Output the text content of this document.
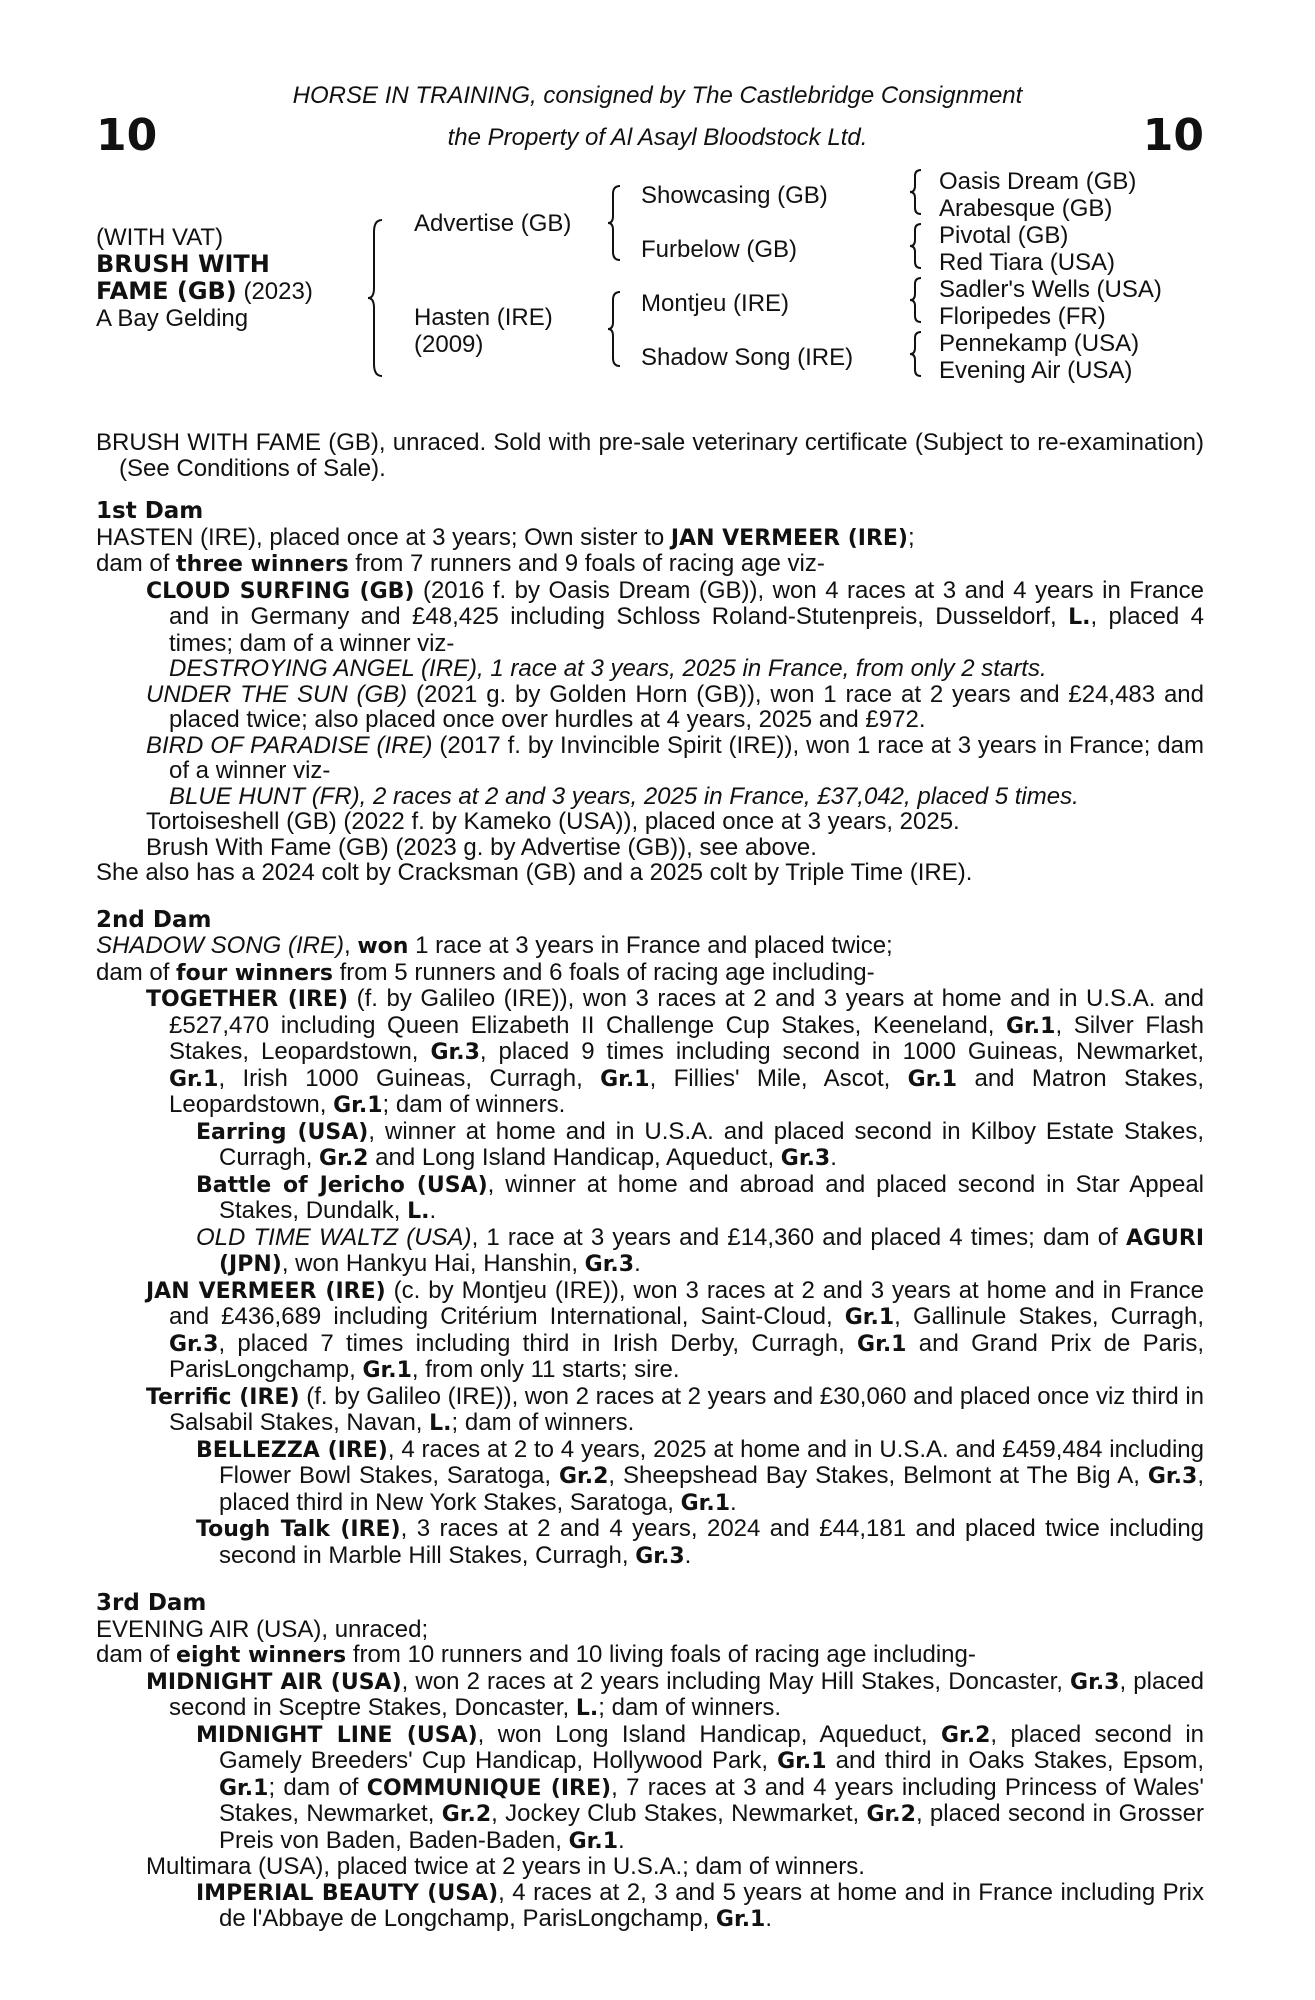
10	10
HORSE IN TRAINING, consigned by The Castlebridge Consignment
the Property of Al Asayl Bloodstock Ltd.
(WITH VAT)
BRUSH WITH
FAME (GB) (2023)
A Bay Gelding
Advertise (GB)
Hasten (IRE)
(2009)
Showcasing (GB)
Furbelow (GB)
Montjeu (IRE)
Shadow Song (IRE)
Oasis Dream (GB)
Arabesque (GB)
Pivotal (GB)
Red Tiara (USA)
Sadler's Wells (USA)
Floripedes (FR)
Pennekamp (USA)
Evening Air (USA)

BRUSH WITH FAME (GB), unraced. Sold with pre-sale veterinary certificate (Subject to re-examination) (See Conditions of Sale).

1st Dam

HASTEN (IRE), placed once at 3 years; Own sister to JAN VERMEER (IRE);

dam of three winners from 7 runners and 9 foals of racing age viz-

CLOUD SURFING (GB) (2016 f. by Oasis Dream (GB)), won 4 races at 3 and 4 years in France and in Germany and £48,425 including Schloss Roland-Stutenpreis, Dusseldorf, L., placed 4 times; dam of a winner viz-

DESTROYING ANGEL (IRE), 1 race at 3 years, 2025 in France, from only 2 starts.

UNDER THE SUN (GB) (2021 g. by Golden Horn (GB)), won 1 race at 2 years and £24,483 and placed twice; also placed once over hurdles at 4 years, 2025 and £972.

BIRD OF PARADISE (IRE) (2017 f. by Invincible Spirit (IRE)), won 1 race at 3 years in France; dam of a winner viz-

BLUE HUNT (FR), 2 races at 2 and 3 years, 2025 in France, £37,042, placed 5 times.

Tortoiseshell (GB) (2022 f. by Kameko (USA)), placed once at 3 years, 2025.

Brush With Fame (GB) (2023 g. by Advertise (GB)), see above.

She also has a 2024 colt by Cracksman (GB) and a 2025 colt by Triple Time (IRE).

2nd Dam

SHADOW SONG (IRE), won 1 race at 3 years in France and placed twice;

dam of four winners from 5 runners and 6 foals of racing age including-

TOGETHER (IRE) (f. by Galileo (IRE)), won 3 races at 2 and 3 years at home and in U.S.A. and £527,470 including Queen Elizabeth II Challenge Cup Stakes, Keeneland, Gr.1, Silver Flash Stakes, Leopardstown, Gr.3, placed 9 times including second in 1000 Guineas, Newmarket, Gr.1, Irish 1000 Guineas, Curragh, Gr.1, Fillies' Mile, Ascot, Gr.1 and Matron Stakes, Leopardstown, Gr.1; dam of winners.

Earring (USA), winner at home and in U.S.A. and placed second in Kilboy Estate Stakes, Curragh, Gr.2 and Long Island Handicap, Aqueduct, Gr.3.

Battle of Jericho (USA), winner at home and abroad and placed second in Star Appeal Stakes, Dundalk, L..

OLD TIME WALTZ (USA), 1 race at 3 years and £14,360 and placed 4 times; dam of AGURI (JPN), won Hankyu Hai, Hanshin, Gr.3.

JAN VERMEER (IRE) (c. by Montjeu (IRE)), won 3 races at 2 and 3 years at home and in France and £436,689 including Critérium International, Saint-Cloud, Gr.1, Gallinule Stakes, Curragh, Gr.3, placed 7 times including third in Irish Derby, Curragh, Gr.1 and Grand Prix de Paris, ParisLongchamp, Gr.1, from only 11 starts; sire.

Terrific (IRE) (f. by Galileo (IRE)), won 2 races at 2 years and £30,060 and placed once viz third in Salsabil Stakes, Navan, L.; dam of winners.

BELLEZZA (IRE), 4 races at 2 to 4 years, 2025 at home and in U.S.A. and £459,484 including Flower Bowl Stakes, Saratoga, Gr.2, Sheepshead Bay Stakes, Belmont at The Big A, Gr.3, placed third in New York Stakes, Saratoga, Gr.1.

Tough Talk (IRE), 3 races at 2 and 4 years, 2024 and £44,181 and placed twice including second in Marble Hill Stakes, Curragh, Gr.3.

3rd Dam

EVENING AIR (USA), unraced;

dam of eight winners from 10 runners and 10 living foals of racing age including-

MIDNIGHT AIR (USA), won 2 races at 2 years including May Hill Stakes, Doncaster, Gr.3, placed second in Sceptre Stakes, Doncaster, L.; dam of winners.

MIDNIGHT LINE (USA), won Long Island Handicap, Aqueduct, Gr.2, placed second in Gamely Breeders' Cup Handicap, Hollywood Park, Gr.1 and third in Oaks Stakes, Epsom, Gr.1; dam of COMMUNIQUE (IRE), 7 races at 3 and 4 years including Princess of Wales' Stakes, Newmarket, Gr.2, Jockey Club Stakes, Newmarket, Gr.2, placed second in Grosser Preis von Baden, Baden-Baden, Gr.1.

Multimara (USA), placed twice at 2 years in U.S.A.; dam of winners.

IMPERIAL BEAUTY (USA), 4 races at 2, 3 and 5 years at home and in France including Prix de l'Abbaye de Longchamp, ParisLongchamp, Gr.1.
